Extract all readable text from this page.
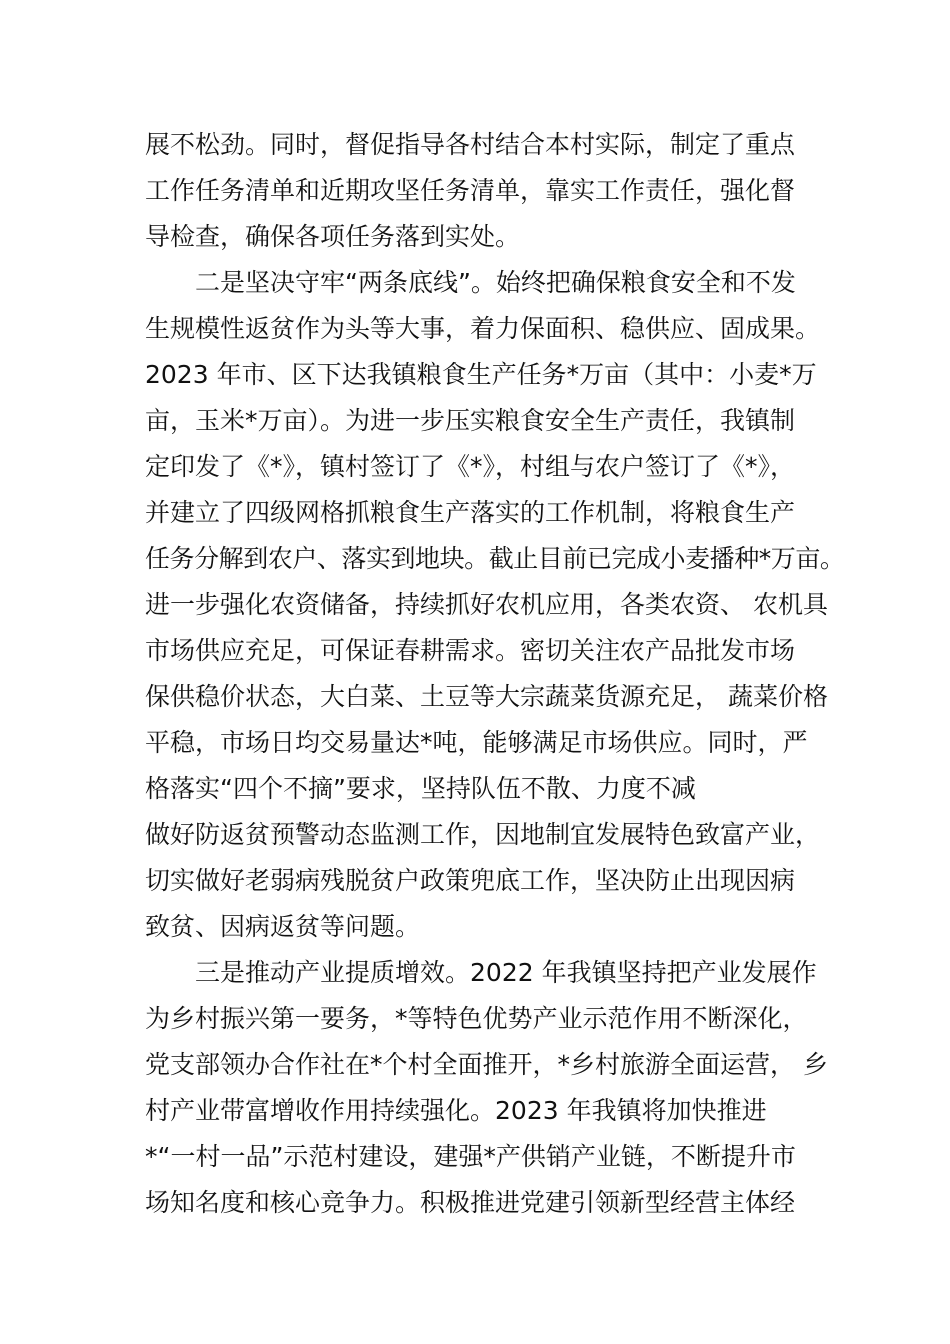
展不松劲。同时，督促指导各村结合本村实际，制定了重点
工作任务清单和近期攻坚任务清单，靠实工作责任，强化督
导检查，确保各项任务落到实处。
二是坚决守牢“两条底线”。始终把确保粮食安全和不发
生规模性返贫作为头等大事，着力保面积、稳供应、固成果。
2023 年市、区下达我镇粮食生产任务*万亩（其中：小麦*万
亩，玉米*万亩）。为进一步压实粮食安全生产责任，我镇制
定印发了《*》，镇村签订了《*》，村组与农户签订了《*》，
并建立了四级网格抓粮食生产落实的工作机制，将粮食生产
任务分解到农户、落实到地块。截止目前已完成小麦播种*万亩。
进一步强化农资储备，持续抓好农机应用，各类农资、 农机具
市场供应充足，可保证春耕需求。密切关注农产品批发市场
保供稳价状态，大白菜、土豆等大宗蔬菜货源充足， 蔬菜价格
平稳，市场日均交易量达*吨，能够满足市场供应。同时，严
格落实“四个不摘”要求，坚持队伍不散、力度不减
做好防返贫预警动态监测工作，因地制宜发展特色致富产业，
切实做好老弱病残脱贫户政策兜底工作，坚决防止出现因病
致贫、因病返贫等问题。
三是推动产业提质增效。2022 年我镇坚持把产业发展作
为乡村振兴第一要务，*等特色优势产业示范作用不断深化，
党支部领办合作社在*个村全面推开，*乡村旅游全面运营， 乡
村产业带富增收作用持续强化。2023 年我镇将加快推进
*“一村一品”示范村建设，建强*产供销产业链，不断提升市
场知名度和核心竞争力。积极推进党建引领新型经营主体经
